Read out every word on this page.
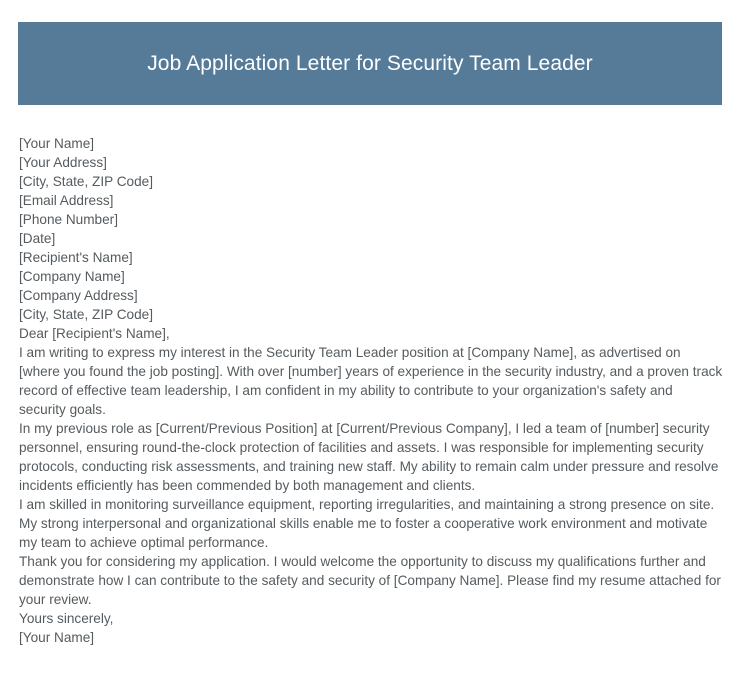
Job Application Letter for Security Team Leader
[Your Name]
[Your Address]
[City, State, ZIP Code]
[Email Address]
[Phone Number]
[Date]
[Recipient's Name]
[Company Name]
[Company Address]
[City, State, ZIP Code]
Dear [Recipient's Name],

I am writing to express my interest in the Security Team Leader position at [Company Name], as advertised on [where you found the job posting]. With over [number] years of experience in the security industry, and a proven track record of effective team leadership, I am confident in my ability to contribute to your organization's safety and security goals.

In my previous role as [Current/Previous Position] at [Current/Previous Company], I led a team of [number] security personnel, ensuring round-the-clock protection of facilities and assets. I was responsible for implementing security protocols, conducting risk assessments, and training new staff. My ability to remain calm under pressure and resolve incidents efficiently has been commended by both management and clients.

I am skilled in monitoring surveillance equipment, reporting irregularities, and maintaining a strong presence on site. My strong interpersonal and organizational skills enable me to foster a cooperative work environment and motivate my team to achieve optimal performance.

Thank you for considering my application. I would welcome the opportunity to discuss my qualifications further and demonstrate how I can contribute to the safety and security of [Company Name]. Please find my resume attached for your review.

Yours sincerely,
[Your Name]
